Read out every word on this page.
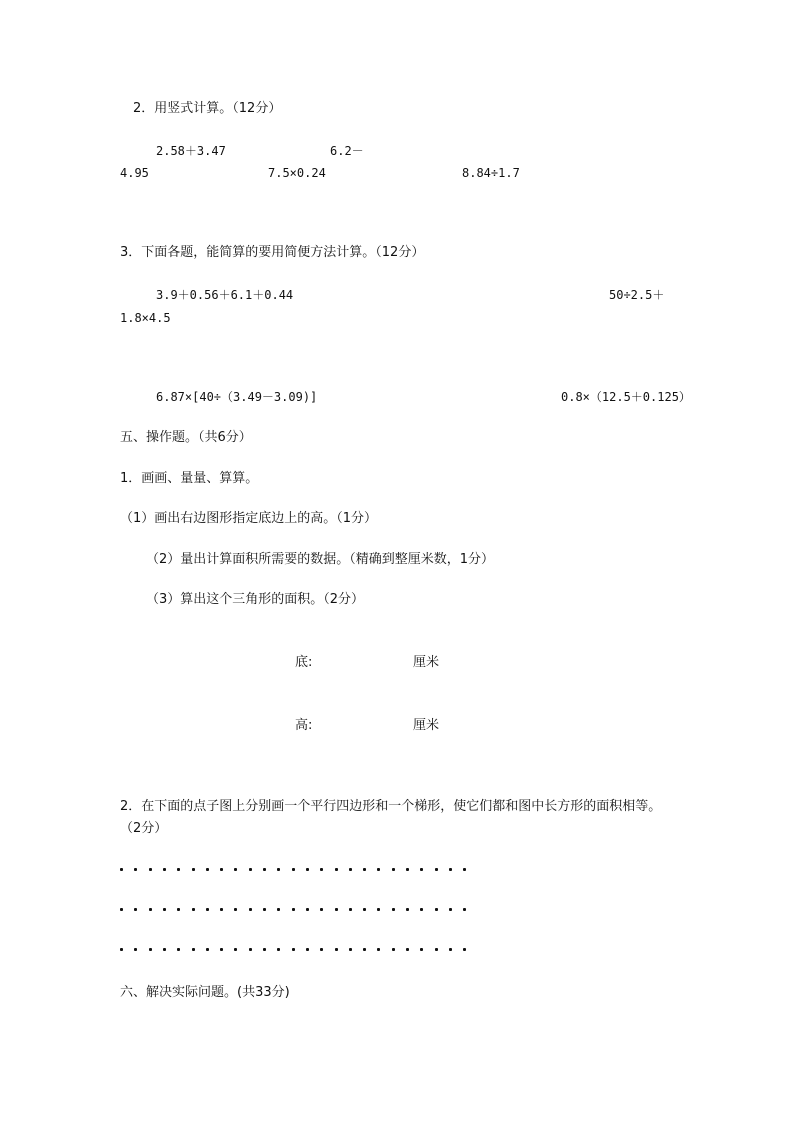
2．用竖式计算。（12分）
2.58＋3.47	6.2－
4.95	7.5×0.24	8.84÷1.7
3．下面各题，能简算的要用简便方法计算。（12分）
3.9＋0.56＋6.1＋0.44	50÷2.5＋
1.8×4.5
6.87×[40÷（3.49－3.09)]	0.8×（12.5＋0.125）
五、操作题。（共6分）
1．画画、量量、算算。
（1）画出右边图形指定底边上的高。（1分）
（2）量出计算面积所需要的数据。（精确到整厘米数，1分）
（3）算出这个三角形的面积。（2分）
底:	厘米
高:	厘米
2．在下面的点子图上分别画一个平行四边形和一个梯形，使它们都和图中长方形的面积相等。
（2分）
六、解决实际问题。(共33分)
